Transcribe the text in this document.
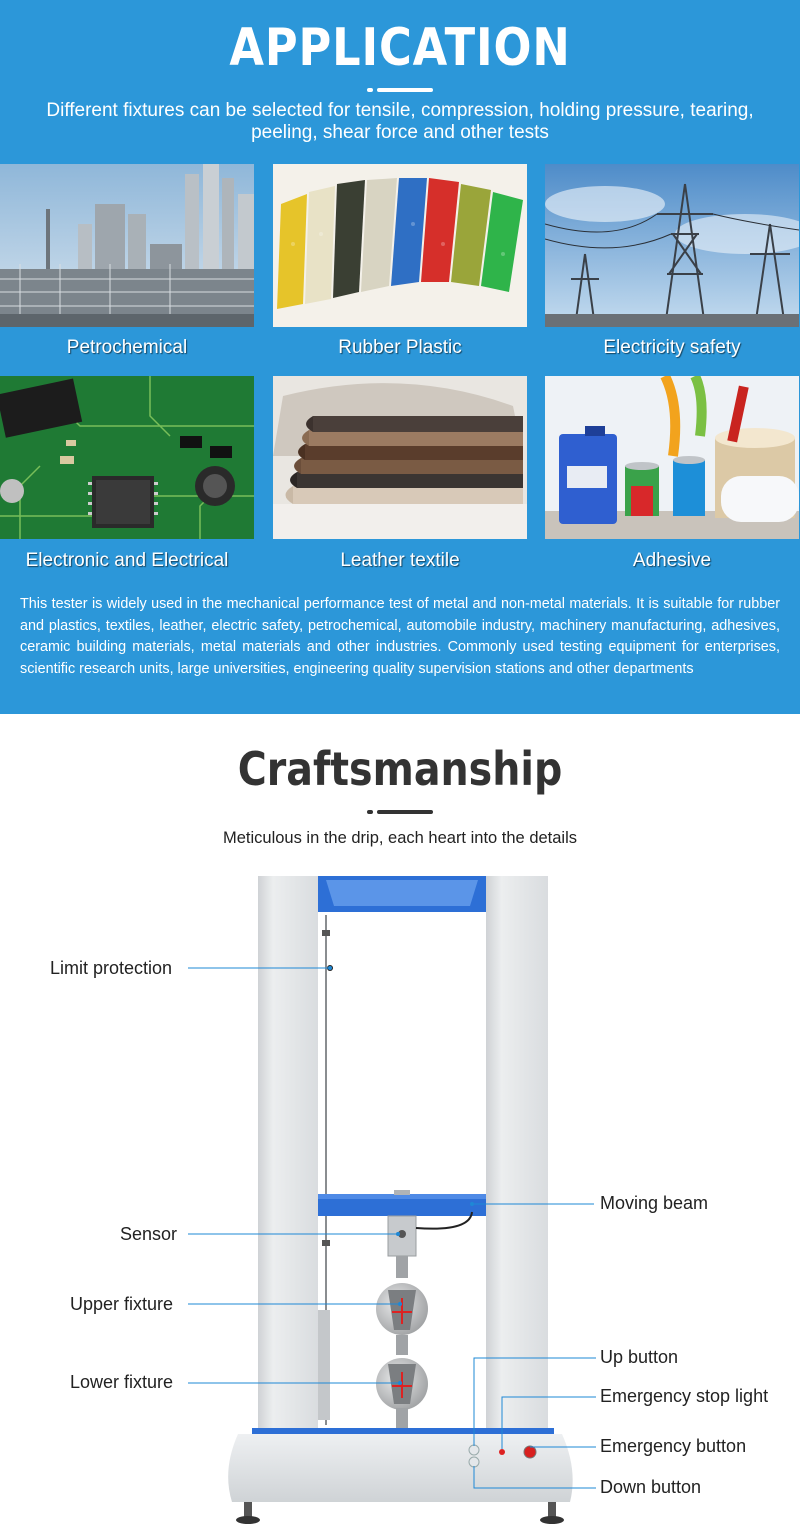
APPLICATION
Different fixtures can be selected for tensile, compression, holding pressure, tearing, peeling, shear force and other tests
Petrochemical	Rubber Plastic	Electricity safety
Electronic and Electrical	Leather textile	Adhesive
This tester is widely used in the mechanical performance test of metal and non-metal materials. It is suitable for rubber and plastics, textiles, leather, electric safety, petrochemical, automobile industry, machinery manufacturing, adhesives, ceramic building materials, metal materials and other industries. Commonly used testing equipment for enterprises, scientific research units, large universities, engineering quality supervision stations and other departments
Craftsmanship
Meticulous in the drip, each heart into the details
Limit protection
Sensor
Upper fixture
Lower fixture
Moving beam
Up button
Emergency stop light
Emergency button
Down button
